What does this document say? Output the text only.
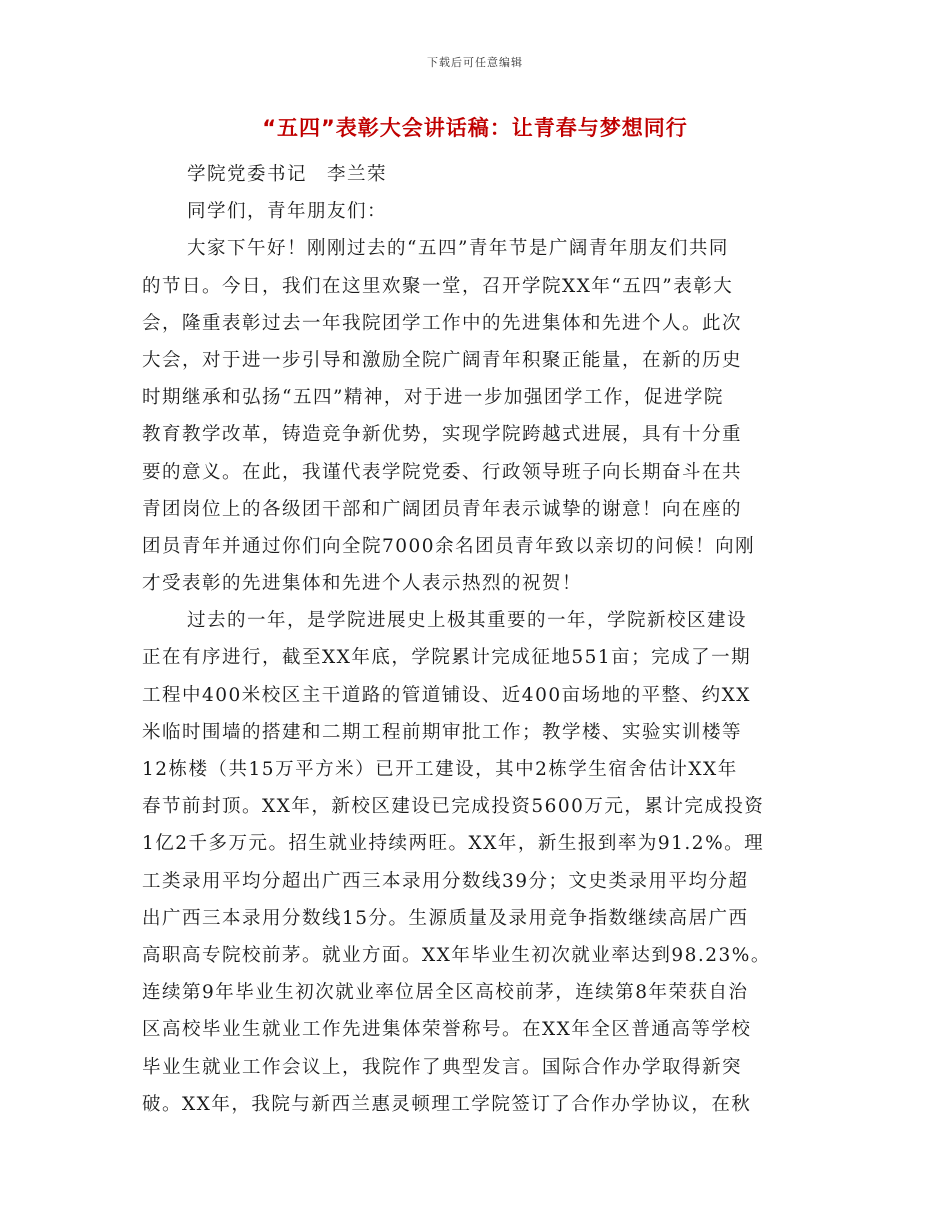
下载后可任意编辑
“五四”表彰大会讲话稿：让青春与梦想同行
学院党委书记　李兰荣
同学们，青年朋友们：
大家下午好！刚刚过去的“五四”青年节是广阔青年朋友们共同
的节日。今日，我们在这里欢聚一堂，召开学院XX年“五四”表彰大
会，隆重表彰过去一年我院团学工作中的先进集体和先进个人。此次
大会，对于进一步引导和激励全院广阔青年积聚正能量，在新的历史
时期继承和弘扬“五四”精神，对于进一步加强团学工作，促进学院
教育教学改革，铸造竞争新优势，实现学院跨越式进展，具有十分重
要的意义。在此，我谨代表学院党委、行政领导班子向长期奋斗在共
青团岗位上的各级团干部和广阔团员青年表示诚挚的谢意！向在座的
团员青年并通过你们向全院7000余名团员青年致以亲切的问候！向刚
才受表彰的先进集体和先进个人表示热烈的祝贺！
过去的一年，是学院进展史上极其重要的一年，学院新校区建设
正在有序进行，截至XX年底，学院累计完成征地551亩；完成了一期
工程中400米校区主干道路的管道铺设、近400亩场地的平整、约XX
米临时围墙的搭建和二期工程前期审批工作；教学楼、实验实训楼等
12栋楼（共15万平方米）已开工建设，其中2栋学生宿舍估计XX年
春节前封顶。XX年，新校区建设已完成投资5600万元，累计完成投资
1亿2千多万元。招生就业持续两旺。XX年，新生报到率为91.2%。理
工类录用平均分超出广西三本录用分数线39分；文史类录用平均分超
出广西三本录用分数线15分。生源质量及录用竞争指数继续高居广西
高职高专院校前茅。就业方面。XX年毕业生初次就业率达到98.23%。
连续第9年毕业生初次就业率位居全区高校前茅，连续第8年荣获自治
区高校毕业生就业工作先进集体荣誉称号。在XX年全区普通高等学校
毕业生就业工作会议上，我院作了典型发言。国际合作办学取得新突
破。XX年，我院与新西兰惠灵顿理工学院签订了合作办学协议，在秋
